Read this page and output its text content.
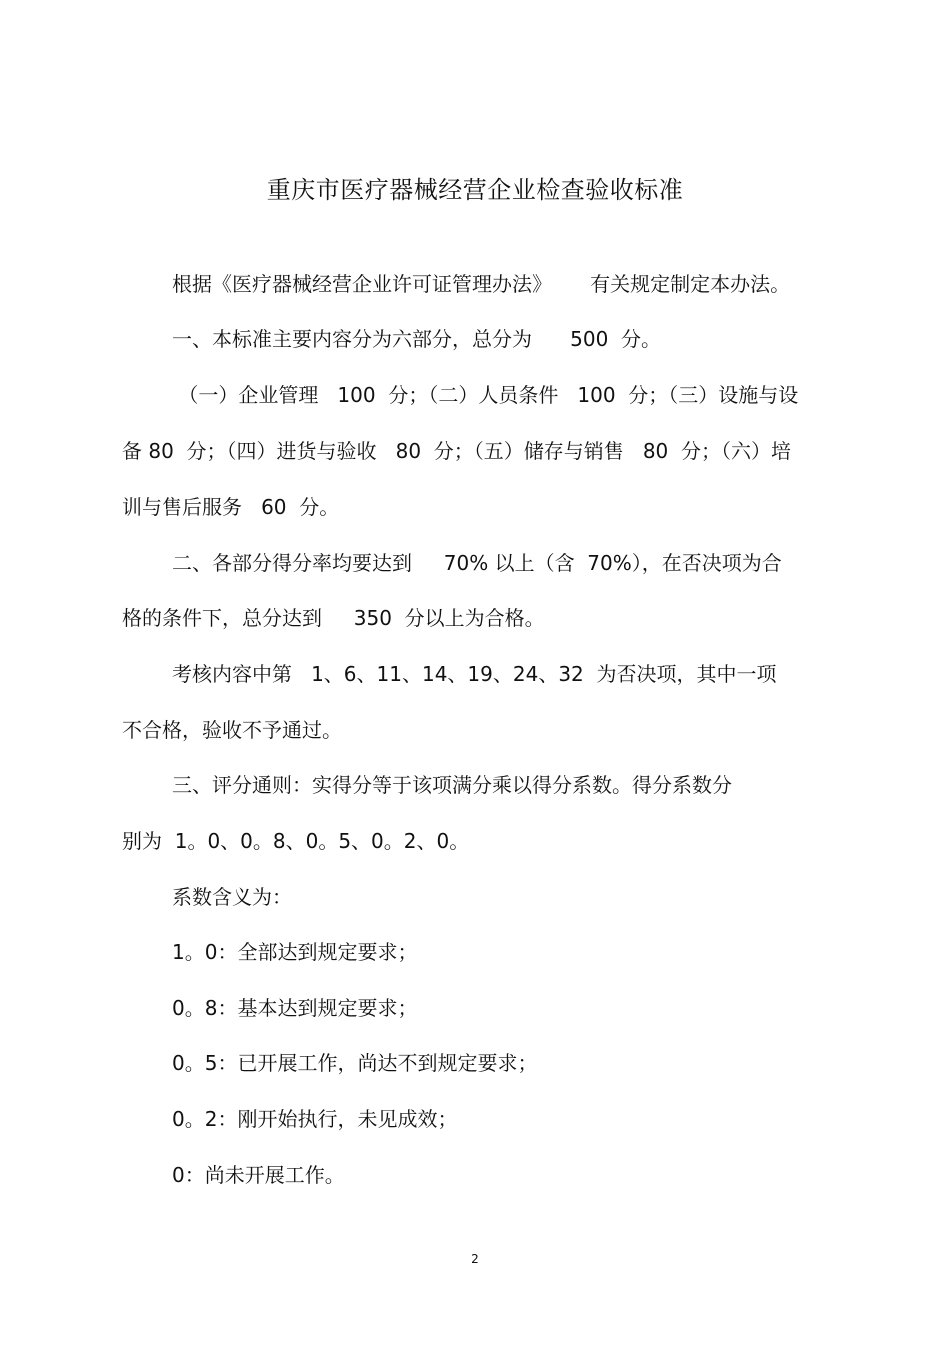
重庆市医疗器械经营企业检查验收标准
根据《医疗器械经营企业许可证管理办法》      有关规定制定本办法。
一、本标准主要内容分为六部分，总分为      500  分。
（一）企业管理   100  分；（二）人员条件   100  分；（三）设施与设
备 80  分；（四）进货与验收   80  分；（五）储存与销售   80  分；（六）培
训与售后服务   60  分。
二、各部分得分率均要达到     70% 以上（含  70%），在否决项为合
格的条件下，总分达到     350  分以上为合格。
考核内容中第   1、6、11、14、19、24、32  为否决项，其中一项
不合格，验收不予通过。
三、评分通则：实得分等于该项满分乘以得分系数。得分系数分
别为  1。0、0。8、0。5、0。2、0。
系数含义为：
1。0：全部达到规定要求；
0。8：基本达到规定要求；
0。5：已开展工作，尚达不到规定要求；
0。2：刚开始执行，未见成效；
0：尚未开展工作。
2
